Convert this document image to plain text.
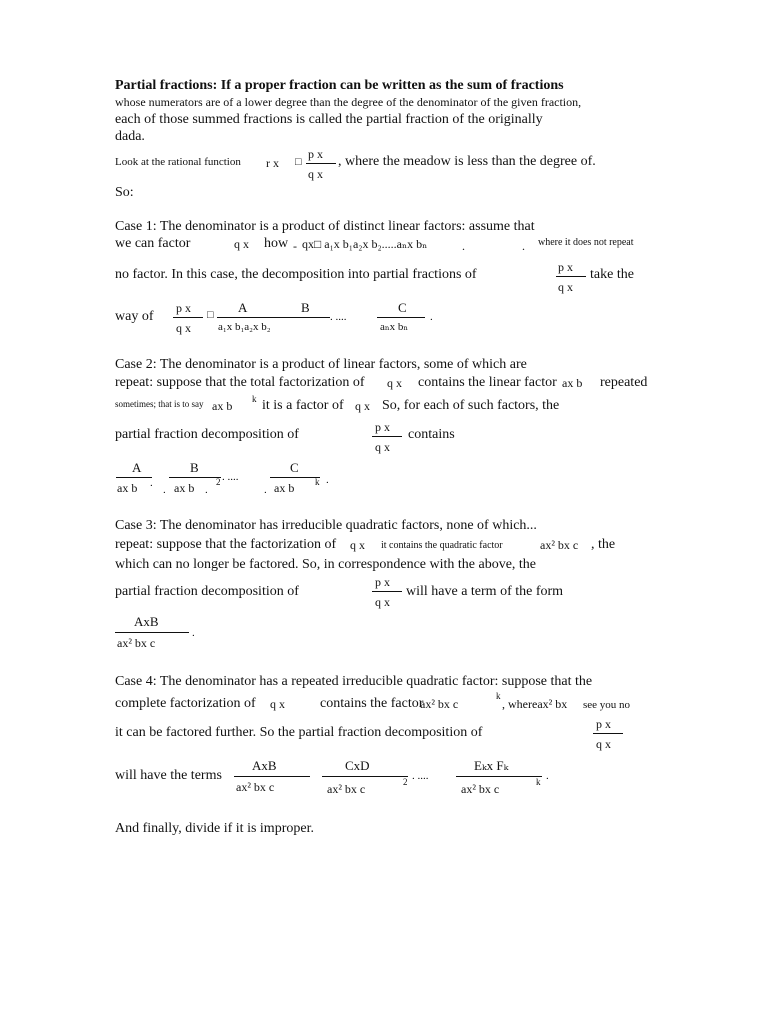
Partial fractions: If a proper fraction can be written as the sum of fractions
whose numerators are of a lower degree than the degree of the denominator of the given fraction,
each of those summed fractions is called the partial fraction of the originally
dada.
Look at the rational function r x □
p x
q x
, where the meadow is less than the degree of.
So:
Case 1: The denominator is a product of distinct linear factors: assume that
we can factor	q x how - qx□ a₁x b₁a₂x b₂.....aₙx bₙ	.	. where it does not repeat
no factor. In this case, the decomposition into partial fractions of	p x
q x
take the
way of
p x
q x
□ A
a₁x b₁a₂x b₂
B
. ....
C
aₙx bₙ
.
Case 2: The denominator is a product of linear factors, some of which are
repeat: suppose that the total factorization of q x contains the linear factor ax b repeated
sometimes; that is to say ax b k it is a factor of q x So, for each of such factors, the
partial fraction decomposition of	p x
q x
contains
A
ax b .
B
. ax b .
2 . ....
C
. ax b k .
Case 3: The denominator has irreducible quadratic factors, none of which...
repeat: suppose that the factorization of q x it contains the quadratic factor	ax² bx c , the
which can no longer be factored. So, in correspondence with the above, the
partial fraction decomposition of
p x
q x
will have a term of the form
AxB
ax² bx c
.
Case 4: The denominator has a repeated irreducible quadratic factor: suppose that the
complete factorization of q x	contains the factor
ax² bx c
k
, whereax² bx see you no
it can be factored further. So the partial fraction decomposition of
p x
q x
will have the terms
AxB
ax² bx c
CxD
ax² bx c	2 . ....
Eₖx Fₖ
ax² bx c	k .
And finally, divide if it is improper.
